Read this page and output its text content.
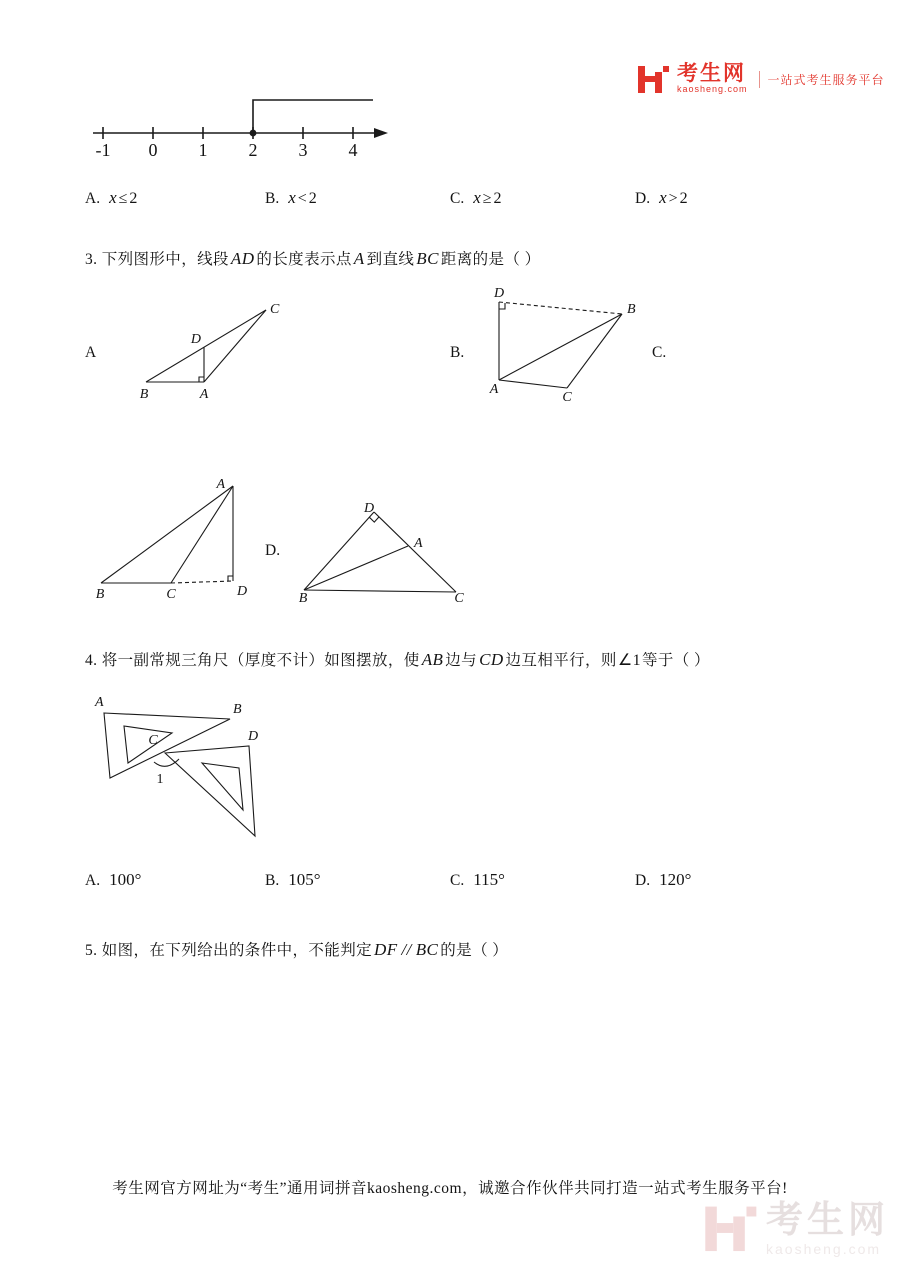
考生网
kaosheng.com
一站式考生服务平台
-1 0 1 2 3 4
A. x ≤ 2	B. x < 2	C. x ≥ 2	D. x > 2
3. 下列图形中，线段 AD 的长度表示点 A 到直线 BC 距离的是（ ）
A
C
D
B	A
B.
D
B
A
C
C.
A
B	C	D
D.
B	C
D
A
4. 将一副常规三角尺（厚度不计）如图摆放，使 AB 边与 CD 边互相平行，则∠1等于（ ）
A	B
C	D
1
A. 100°	B. 105°	C. 115°	D. 120°
5. 如图，在下列给出的条件中，不能判定 DF // BC 的是（ ）
考生网官方网址为“考生”通用词拼音kaosheng.com，诚邀合作伙伴共同打造一站式考生服务平台!
考生网
kaosheng.com
